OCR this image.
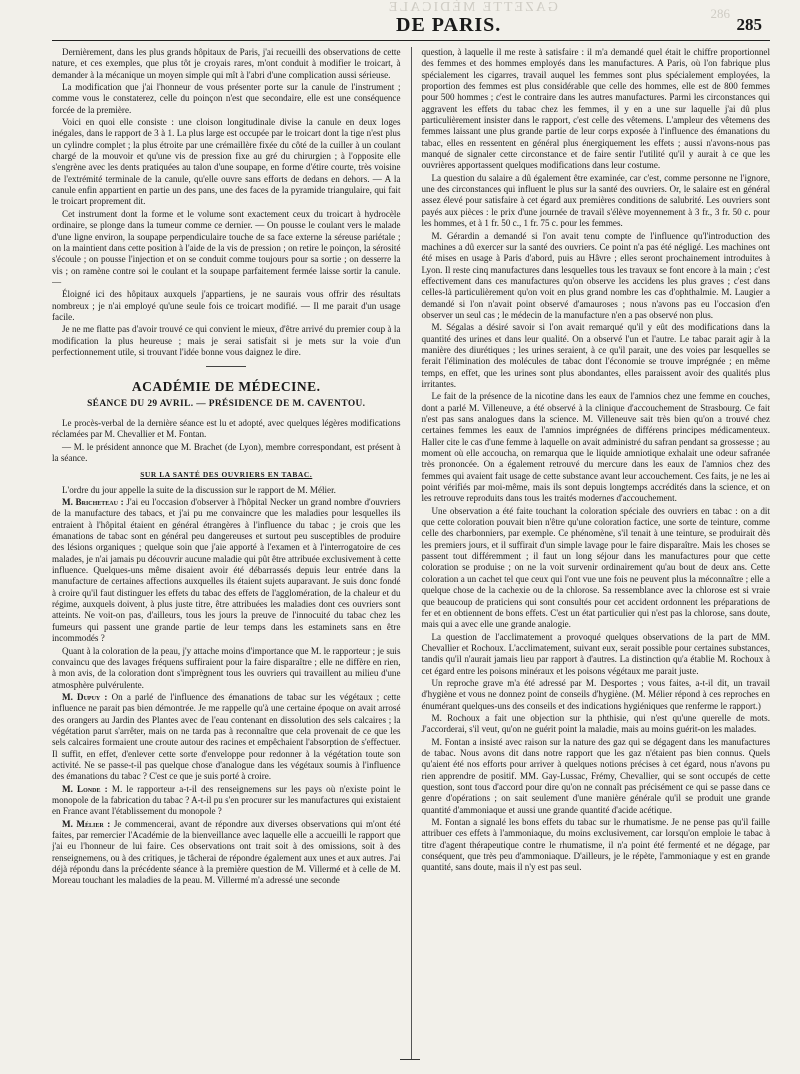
GAZETTE MÉDICALE
DE PARIS.
286
285

Dernièrement, dans les plus grands hôpitaux de Paris, j'ai recueilli des observations de cette nature, et ces exemples, que plus tôt je croyais rares, m'ont conduit à modifier le troicart, à demander à la mécanique un moyen simple qui mît à l'abri d'une complication aussi sérieuse.

La modification que j'ai l'honneur de vous présenter porte sur la canule de l'instrument ; comme vous le constaterez, celle du poinçon n'est que secondaire, elle est une conséquence forcée de la première.

Voici en quoi elle consiste : une cloison longitudinale divise la canule en deux loges inégales, dans le rapport de 3 à 1. La plus large est occupée par le troicart dont la tige n'est plus un cylindre complet ; la plus étroite par une crémaillère fixée du côté de la cuiller à un coulant chargé de la mouvoir et qu'une vis de pression fixe au gré du chirurgien ; à l'opposite elle s'engrène avec les dents pratiquées au talon d'une soupape, en forme d'étire courte, très voisine de l'extrémité terminale de la canule, qu'elle ouvre sans efforts de dedans en dehors. — A la canule enfin appartient en partie un des pans, une des faces de la pyramide triangulaire, qui fait le troicart proprement dit.

Cet instrument dont la forme et le volume sont exactement ceux du troicart à hydrocèle ordinaire, se plonge dans la tumeur comme ce dernier. — On pousse le coulant vers le malade d'une ligne environ, la soupape perpendiculaire touche de sa face externe la séreuse pariétale ; on la maintient dans cette position à l'aide de la vis de pression ; on retire le poinçon, la sérosité s'écoule ; on pousse l'injection et on se conduit comme toujours pour sa sortie ; on desserre la vis ; on ramène contre soi le coulant et la soupape parfaitement fermée laisse sortir la canule. —

Éloigné ici des hôpitaux auxquels j'appartiens, je ne saurais vous offrir des résultats nombreux ; je n'ai employé qu'une seule fois ce troicart modifié. — Il me parait d'un usage facile.

Je ne me flatte pas d'avoir trouvé ce qui convient le mieux, d'être arrivé du premier coup à la modification la plus heureuse ; mais je serai satisfait si je mets sur la voie d'un perfectionnement utile, si trouvant l'idée bonne vous daignez le dire.

ACADÉMIE DE MÉDECINE.
SÉANCE DU 29 AVRIL. — PRÉSIDENCE DE M. CAVENTOU.

Le procès-verbal de la dernière séance est lu et adopté, avec quelques légères modifications réclamées par M. Chevallier et M. Fontan.

— M. le président annonce que M. Brachet (de Lyon), membre correspondant, est présent à la séance.

SUR LA SANTÉ DES OUVRIERS EN TABAC.

L'ordre du jour appelle la suite de la discussion sur le rapport de M. Mélier.

M. Bricheteau : J'ai eu l'occasion d'observer à l'hôpital Necker un grand nombre d'ouvriers de la manufacture des tabacs, et j'ai pu me convaincre que les maladies pour lesquelles ils entraient à l'hôpital étaient en général étrangères à l'influence du tabac ; je crois que les émanations de tabac sont en général peu dangereuses et surtout peu susceptibles de produire des lésions organiques ; quelque soin que j'aie apporté à l'examen et à l'interrogatoire de ces malades, je n'ai jamais pu découvrir aucune maladie qui pût être attribuée exclusivement à cette influence. Quelques-uns même disaient avoir été débarrassés depuis leur entrée dans la manufacture de certaines affections auxquelles ils étaient sujets auparavant. Je suis donc fondé à croire qu'il faut distinguer les effets du tabac des effets de l'agglomération, de la chaleur et du régime, auxquels doivent, à plus juste titre, être attribuées les maladies dont ces ouvriers sont atteints. Ne voit-on pas, d'ailleurs, tous les jours la preuve de l'innocuité du tabac chez les fumeurs qui passent une grande partie de leur temps dans les estaminets sans en être incommodés ?

Quant à la coloration de la peau, j'y attache moins d'importance que M. le rapporteur ; je suis convaincu que des lavages fréquens suffiraient pour la faire disparaître ; elle ne diffère en rien, à mon avis, de la coloration dont s'imprègnent tous les ouvriers qui travaillent au milieu d'une atmosphère pulvérulente.

M. Dupuy : On a parlé de l'influence des émanations de tabac sur les végétaux ; cette influence ne parait pas bien démontrée. Je me rappelle qu'à une certaine époque on avait arrosé des orangers au Jardin des Plantes avec de l'eau contenant en dissolution des sels calcaires ; la végétation parut s'arrêter, mais on ne tarda pas à reconnaître que cela provenait de ce que les sels calcaires formaient une croute autour des racines et empêchaient l'absorption de s'effectuer. Il suffit, en effet, d'enlever cette sorte d'enveloppe pour redonner à la végétation toute son activité. Ne se passe-t-il pas quelque chose d'analogue dans les végétaux soumis à l'influence des émanations du tabac ? C'est ce que je suis porté à croire.

M. Londe : M. le rapporteur a-t-il des renseignemens sur les pays où n'existe point le monopole de la fabrication du tabac ? A-t-il pu s'en procurer sur les manufactures qui existaient en France avant l'établissement du monopole ?

M. Mélier : Je commencerai, avant de répondre aux diverses observations qui m'ont été faites, par remercier l'Académie de la bienveillance avec laquelle elle a accueilli le rapport que j'ai eu l'honneur de lui faire. Ces observations ont trait soit à des omissions, soit à des renseignemens, ou à des critiques, je tâcherai de répondre également aux unes et aux autres. J'ai déjà répondu dans la précédente séance à la première question de M. Villermé et à celle de M. Moreau touchant les maladies de la peau. M. Villermé m'a adressé une seconde

question, à laquelle il me reste à satisfaire : il m'a demandé quel était le chiffre proportionnel des femmes et des hommes employés dans les manufactures. A Paris, où l'on fabrique plus spécialement les cigarres, travail auquel les femmes sont plus spécialement employées, la proportion des femmes est plus considérable que celle des hommes, elle est de 800 femmes pour 500 hommes ; c'est le contraire dans les autres manufactures. Parmi les circonstances qui aggravent les effets du tabac chez les femmes, il y en a une sur laquelle j'ai dû plus particulièrement insister dans le rapport, c'est celle des vêtemens. L'ampleur des vêtemens des femmes laissant une plus grande partie de leur corps exposée à l'influence des émanations du tabac, elles en ressentent en général plus énergiquement les effets ; aussi n'avons-nous pas manqué de signaler cette circonstance et de faire sentir l'utilité qu'il y aurait à ce que les ouvrières apportassent quelques modifications dans leur costume.

La question du salaire a dû également être examinée, car c'est, comme personne ne l'ignore, une des circonstances qui influent le plus sur la santé des ouvriers. Or, le salaire est en général assez élevé pour satisfaire à cet égard aux premières conditions de salubrité. Les ouvriers sont payés aux pièces : le prix d'une journée de travail s'élève moyennement à 3 fr., 3 fr. 50 c. pour les hommes, et à 1 fr. 50 c., 1 fr. 75 c. pour les femmes.

M. Gérardin a demandé si l'on avait tenu compte de l'influence qu'l'introduction des machines a dû exercer sur la santé des ouvriers. Ce point n'a pas été négligé. Les machines ont été mises en usage à Paris d'abord, puis au Hâvre ; elles seront prochainement introduites à Lyon. Il reste cinq manufactures dans lesquelles tous les travaux se font encore à la main ; c'est effectivement dans ces manufactures qu'on observe les accidens les plus graves ; c'est dans celles-là particulièrement qu'on voit en plus grand nombre les cas d'ophthalmie. M. Laugier a demandé si l'on n'avait point observé d'amauroses ; nous n'avons pas eu l'occasion d'en observer un seul cas ; le médecin de la manufacture n'en a pas observé non plus.

M. Ségalas a désiré savoir si l'on avait remarqué qu'il y eût des modifications dans la quantité des urines et dans leur qualité. On a observé l'un et l'autre. Le tabac parait agir à la manière des diurétiques ; les urines seraient, à ce qu'il parait, une des voies par lesquelles se ferait l'élimination des molécules de tabac dont l'économie se trouve imprégnée ; en même temps, en effet, que les urines sont plus abondantes, elles paraissent avoir des qualités plus irritantes.

Le fait de la présence de la nicotine dans les eaux de l'amnios chez une femme en couches, dont a parlé M. Villeneuve, a été observé à la clinique d'accouchement de Strasbourg. Ce fait n'est pas sans analogues dans la science. M. Villeneuve sait très bien qu'on a trouvé chez certaines femmes les eaux de l'amnios imprégnées de différens principes médicamenteux. Haller cite le cas d'une femme à laquelle on avait administré du safran pendant sa grossesse ; au moment où elle accoucha, on remarqua que le liquide amniotique exhalait une odeur safranée très prononcée. On a également retrouvé du mercure dans les eaux de l'amnios chez des femmes qui avaient fait usage de cette substance avant leur accouchement. Ces faits, je ne les ai point vérifiés par moi-même, mais ils sont depuis longtemps accrédités dans la science, et on les retrouve reproduits dans tous les traités modernes d'accouchement.

Une observation a été faite touchant la coloration spéciale des ouvriers en tabac : on a dit que cette coloration pouvait bien n'être qu'une coloration factice, une sorte de teinture, comme celle des charbonniers, par exemple. Ce phénomène, s'il tenait à une teinture, se produirait dès les premiers jours, et il suffirait d'un simple lavage pour le faire disparaître. Mais les choses se passent tout différemment ; il faut un long séjour dans les manufactures pour que cette coloration se produise ; on ne la voit survenir ordinairement qu'au bout de deux ans. Cette coloration a un cachet tel que ceux qui l'ont vue une fois ne peuvent plus la méconnaître ; elle a quelque chose de la cachexie ou de la chlorose. Sa ressemblance avec la chlorose est si vraie que beaucoup de praticiens qui sont consultés pour cet accident ordonnent les préparations de fer et en obtiennent de bons effets. C'est un état particulier qui n'est pas la chlorose, sans doute, mais qui a avec elle une grande analogie.

La question de l'acclimatement a provoqué quelques observations de la part de MM. Chevallier et Rochoux. L'acclimatement, suivant eux, serait possible pour certaines substances, tandis qu'il n'aurait jamais lieu par rapport à d'autres. La distinction qu'a établie M. Rochoux à cet égard entre les poisons minéraux et les poisons végétaux me parait juste.

Un reproche grave m'a été adressé par M. Desportes ; vous faites, a-t-il dit, un travail d'hygiène et vous ne donnez point de conseils d'hygiène. (M. Mélier répond à ces reproches en énumérant quelques-uns des conseils et des indications hygiéniques que renferme le rapport.)

M. Rochoux a fait une objection sur la phthisie, qui n'est qu'une querelle de mots. J'accorderai, s'il veut, qu'on ne guérit point la maladie, mais au moins guérit-on les malades.

M. Fontan a insisté avec raison sur la nature des gaz qui se dégagent dans les manufactures de tabac. Nous avons dit dans notre rapport que les gaz n'étaient pas bien connus. Quels qu'aient été nos efforts pour arriver à quelques notions précises à cet égard, nous n'avons pu rien apprendre de positif. MM. Gay-Lussac, Frémy, Chevallier, qui se sont occupés de cette question, sont tous d'accord pour dire qu'on ne connaît pas précisément ce qui se passe dans ce genre d'opérations ; on sait seulement d'une manière générale qu'il se produit une grande quantité d'ammoniaque et aussi une grande quantité d'acide acétique.

M. Fontan a signalé les bons effets du tabac sur le rhumatisme. Je ne pense pas qu'il faille attribuer ces effets à l'ammoniaque, du moins exclusivement, car lorsqu'on emploie le tabac à titre d'agent thérapeutique contre le rhumatisme, il n'a point été fermenté et ne dégage, par conséquent, que très peu d'ammoniaque. D'ailleurs, je le répète, l'ammoniaque y est en grande quantité, sans doute, mais il n'y est pas seul.
